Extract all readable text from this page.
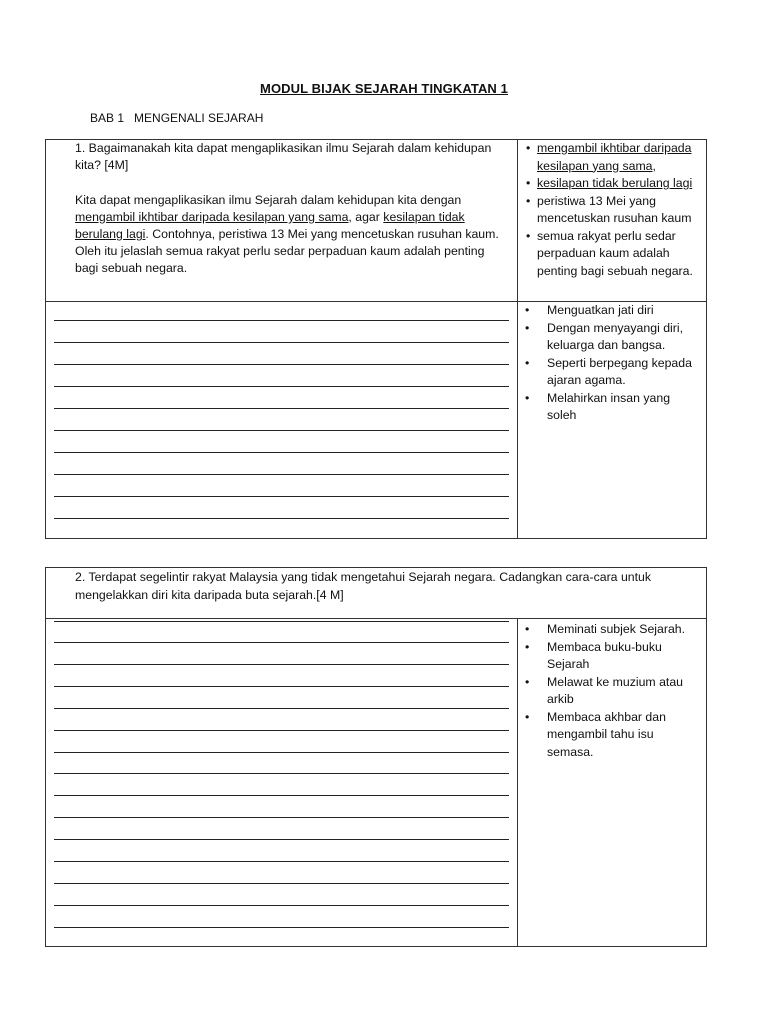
MODUL BIJAK SEJARAH TINGKATAN 1
BAB 1   MENGENALI SEJARAH
1. Bagaimanakah kita dapat mengaplikasikan ilmu Sejarah dalam kehidupan kita? [4M]
Kita dapat mengaplikasikan ilmu Sejarah dalam kehidupan kita dengan mengambil ikhtibar daripada kesilapan yang sama, agar kesilapan tidak berulang lagi. Contohnya, peristiwa 13 Mei yang mencetuskan rusuhan kaum. Oleh itu jelaslah semua rakyat perlu sedar perpaduan kaum adalah penting bagi sebuah negara.
• mengambil ikhtibar daripada kesilapan yang sama,
• kesilapan tidak berulang lagi
• peristiwa 13 Mei yang mencetuskan rusuhan kaum
• semua rakyat perlu sedar perpaduan kaum adalah penting bagi sebuah negara.
• Menguatkan jati diri
• Dengan menyayangi diri, keluarga dan bangsa.
• Seperti berpegang kepada ajaran agama.
• Melahirkan insan yang soleh
2. Terdapat segelintir rakyat Malaysia yang tidak mengetahui Sejarah negara. Cadangkan cara-cara untuk mengelakkan diri kita daripada buta sejarah.[4 M]
• Meminati subjek Sejarah.
• Membaca buku-buku Sejarah
• Melawat ke muzium atau arkib
• Membaca akhbar dan mengambil tahu isu semasa.
